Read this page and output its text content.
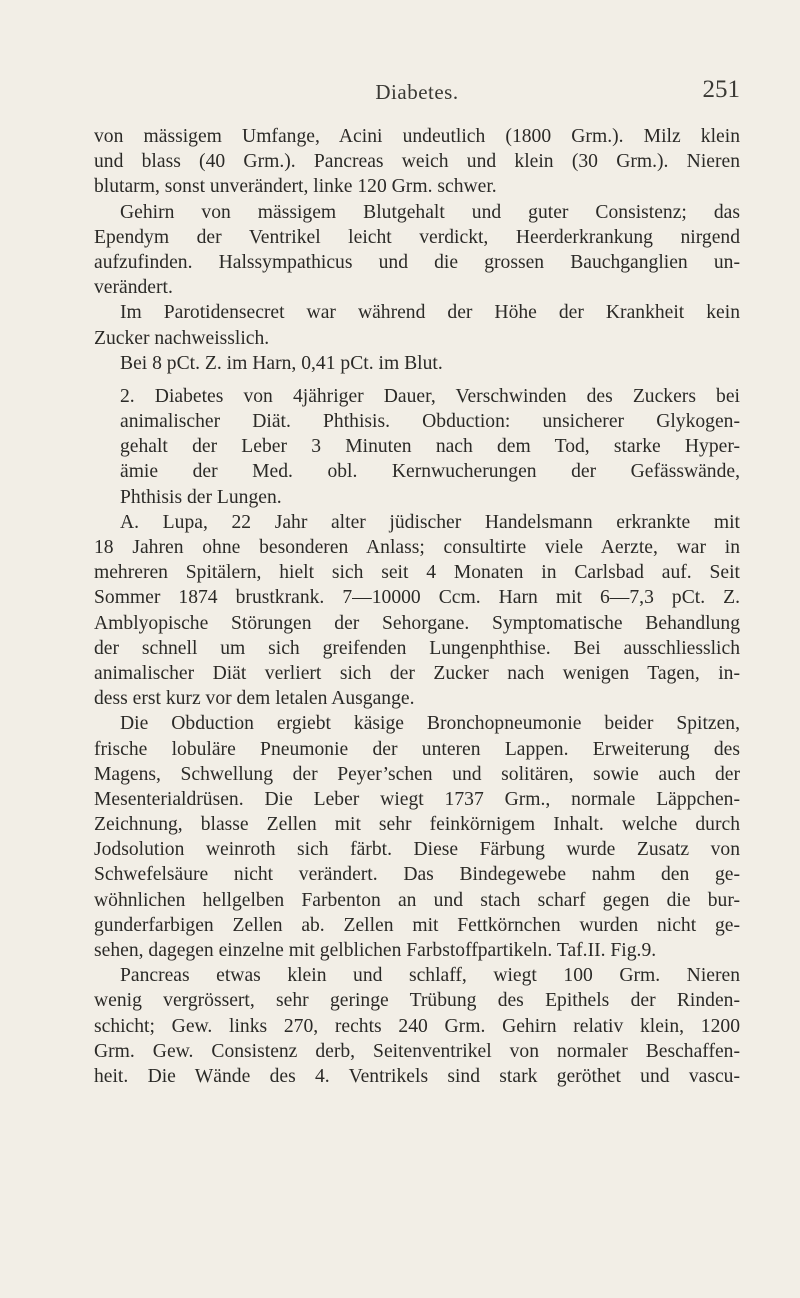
Diabetes.	251
von mässigem Umfange, Acini undeutlich (1800 Grm.). Milz klein
und blass (40 Grm.). Pancreas weich und klein (30 Grm.). Nieren
blutarm, sonst unverändert, linke 120 Grm. schwer.
Gehirn von mässigem Blutgehalt und guter Consistenz; das
Ependym der Ventrikel leicht verdickt, Heerderkrankung nirgend
aufzufinden. Halssympathicus und die grossen Bauchganglien un-
verändert.
Im Parotidensecret war während der Höhe der Krankheit kein
Zucker nachweisslich.
Bei 8 pCt. Z. im Harn, 0,41 pCt. im Blut.
2. Diabetes von 4jähriger Dauer, Verschwinden des Zuckers bei
animalischer Diät. Phthisis. Obduction: unsicherer Glykogen-
gehalt der Leber 3 Minuten nach dem Tod, starke Hyper-
ämie der Med. obl. Kernwucherungen der Gefässwände,
Phthisis der Lungen.
A. Lupa, 22 Jahr alter jüdischer Handelsmann erkrankte mit
18 Jahren ohne besonderen Anlass; consultirte viele Aerzte, war in
mehreren Spitälern, hielt sich seit 4 Monaten in Carlsbad auf. Seit
Sommer 1874 brustkrank. 7—10000 Ccm. Harn mit 6—7,3 pCt. Z.
Amblyopische Störungen der Sehorgane. Symptomatische Behandlung
der schnell um sich greifenden Lungenphthise. Bei ausschliesslich
animalischer Diät verliert sich der Zucker nach wenigen Tagen, in-
dess erst kurz vor dem letalen Ausgange.
Die Obduction ergiebt käsige Bronchopneumonie beider Spitzen,
frische lobuläre Pneumonie der unteren Lappen. Erweiterung des
Magens, Schwellung der Peyer’schen und solitären, sowie auch der
Mesenterialdrüsen. Die Leber wiegt 1737 Grm., normale Läppchen-
Zeichnung, blasse Zellen mit sehr feinkörnigem Inhalt. welche durch
Jodsolution weinroth sich färbt. Diese Färbung wurde Zusatz von
Schwefelsäure nicht verändert. Das Bindegewebe nahm den ge-
wöhnlichen hellgelben Farbenton an und stach scharf gegen die bur-
gunderfarbigen Zellen ab. Zellen mit Fettkörnchen wurden nicht ge-
sehen, dagegen einzelne mit gelblichen Farbstoffpartikeln. Taf.II. Fig.9.
Pancreas etwas klein und schlaff, wiegt 100 Grm. Nieren
wenig vergrössert, sehr geringe Trübung des Epithels der Rinden-
schicht; Gew. links 270, rechts 240 Grm. Gehirn relativ klein, 1200
Grm. Gew. Consistenz derb, Seitenventrikel von normaler Beschaffen-
heit. Die Wände des 4. Ventrikels sind stark geröthet und vascu-
